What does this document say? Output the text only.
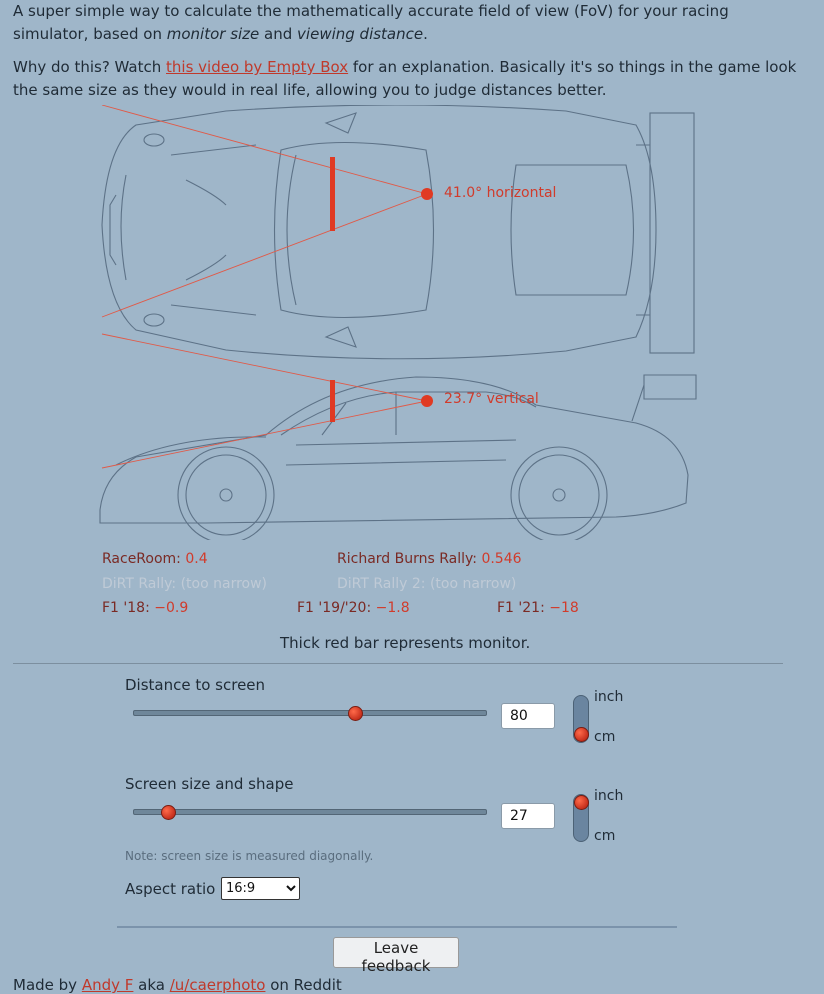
A super simple way to calculate the mathematically accurate field of view (FoV) for your racing simulator, based on monitor size and viewing distance.

Why do this? Watch this video by Empty Box for an explanation. Basically it's so things in the game look the same size as they would in real life, allowing you to judge distances better.

41.0° horizontal
23.7° vertical
RaceRoom: 0.4	Richard Burns Rally: 0.546
DiRT Rally: (too narrow)	DiRT Rally 2: (too narrow)
F1 '18: −0.9	F1 '19/'20: −1.8	F1 '21: −18
Thick red bar represents monitor.
Distance to screen
80
inch
cm
Screen size and shape
27
inch
cm
Note: screen size is measured diagonally.
Aspect ratio
16:9
Leave feedback
Made by Andy F aka /u/caerphoto on Reddit
